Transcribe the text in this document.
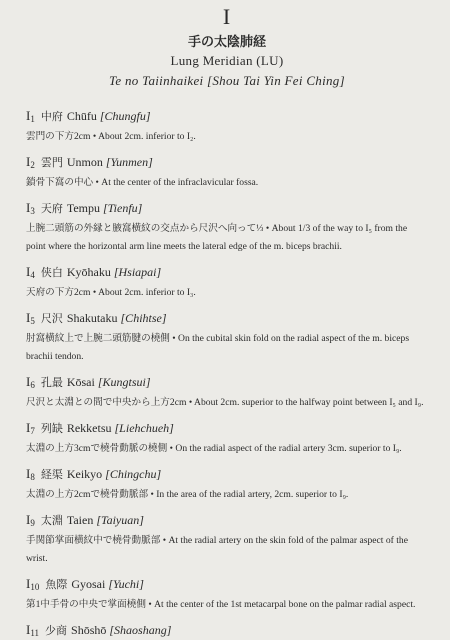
I
手の太陰肺経
Lung Meridian (LU)
Te no Taiinhaikei [Shou Tai Yin Fei Ching]
I1 中府 Chūfu [Chungfu]
雲門の下方2cm • About 2cm. inferior to I₂.
I2 雲門 Unmon [Yunmen]
鎖骨下窩の中心 • At the center of the infraclavicular fossa.
I3 天府 Tempu [Tienfu]
上腕二頭筋の外縁と腋窩横紋の交点から尺沢へ向って⅓ • About 1/3 of the way to I₅ from the point where the horizontal arm line meets the lateral edge of the m. biceps brachii.
I4 侠白 Kyōhaku [Hsiapai]
天府の下方2cm • About 2cm. inferior to I₃.
I5 尺沢 Shakutaku [Chihtse]
肘窩横紋上で上腕二頭筋腱の橈側 • On the cubital skin fold on the radial aspect of the m. biceps brachii tendon.
I6 孔最 Kōsai [Kungtsui]
尺沢と太淵との間で中央から上方2cm • About 2cm. superior to the halfway point between I₅ and I₉.
I7 列缺 Rekketsu [Liehchueh]
太淵の上方3cmで橈骨動脈の橈側 • On the radial aspect of the radial artery 3cm. superior to I₉.
I8 経渠 Keikyo [Chingchu]
太淵の上方2cmで橈骨動脈部 • In the area of the radial artery, 2cm. superior to I₉.
I9 太淵 Taien [Taiyuan]
手関節掌面横紋中で橈骨動脈部 • At the radial artery on the skin fold of the palmar aspect of the wrist.
I10 魚際 Gyosai [Yuchi]
第1中手骨の中央で掌面橈側 • At the center of the 1st metacarpal bone on the palmar radial aspect.
I11 少商 Shōshō [Shaoshang]
